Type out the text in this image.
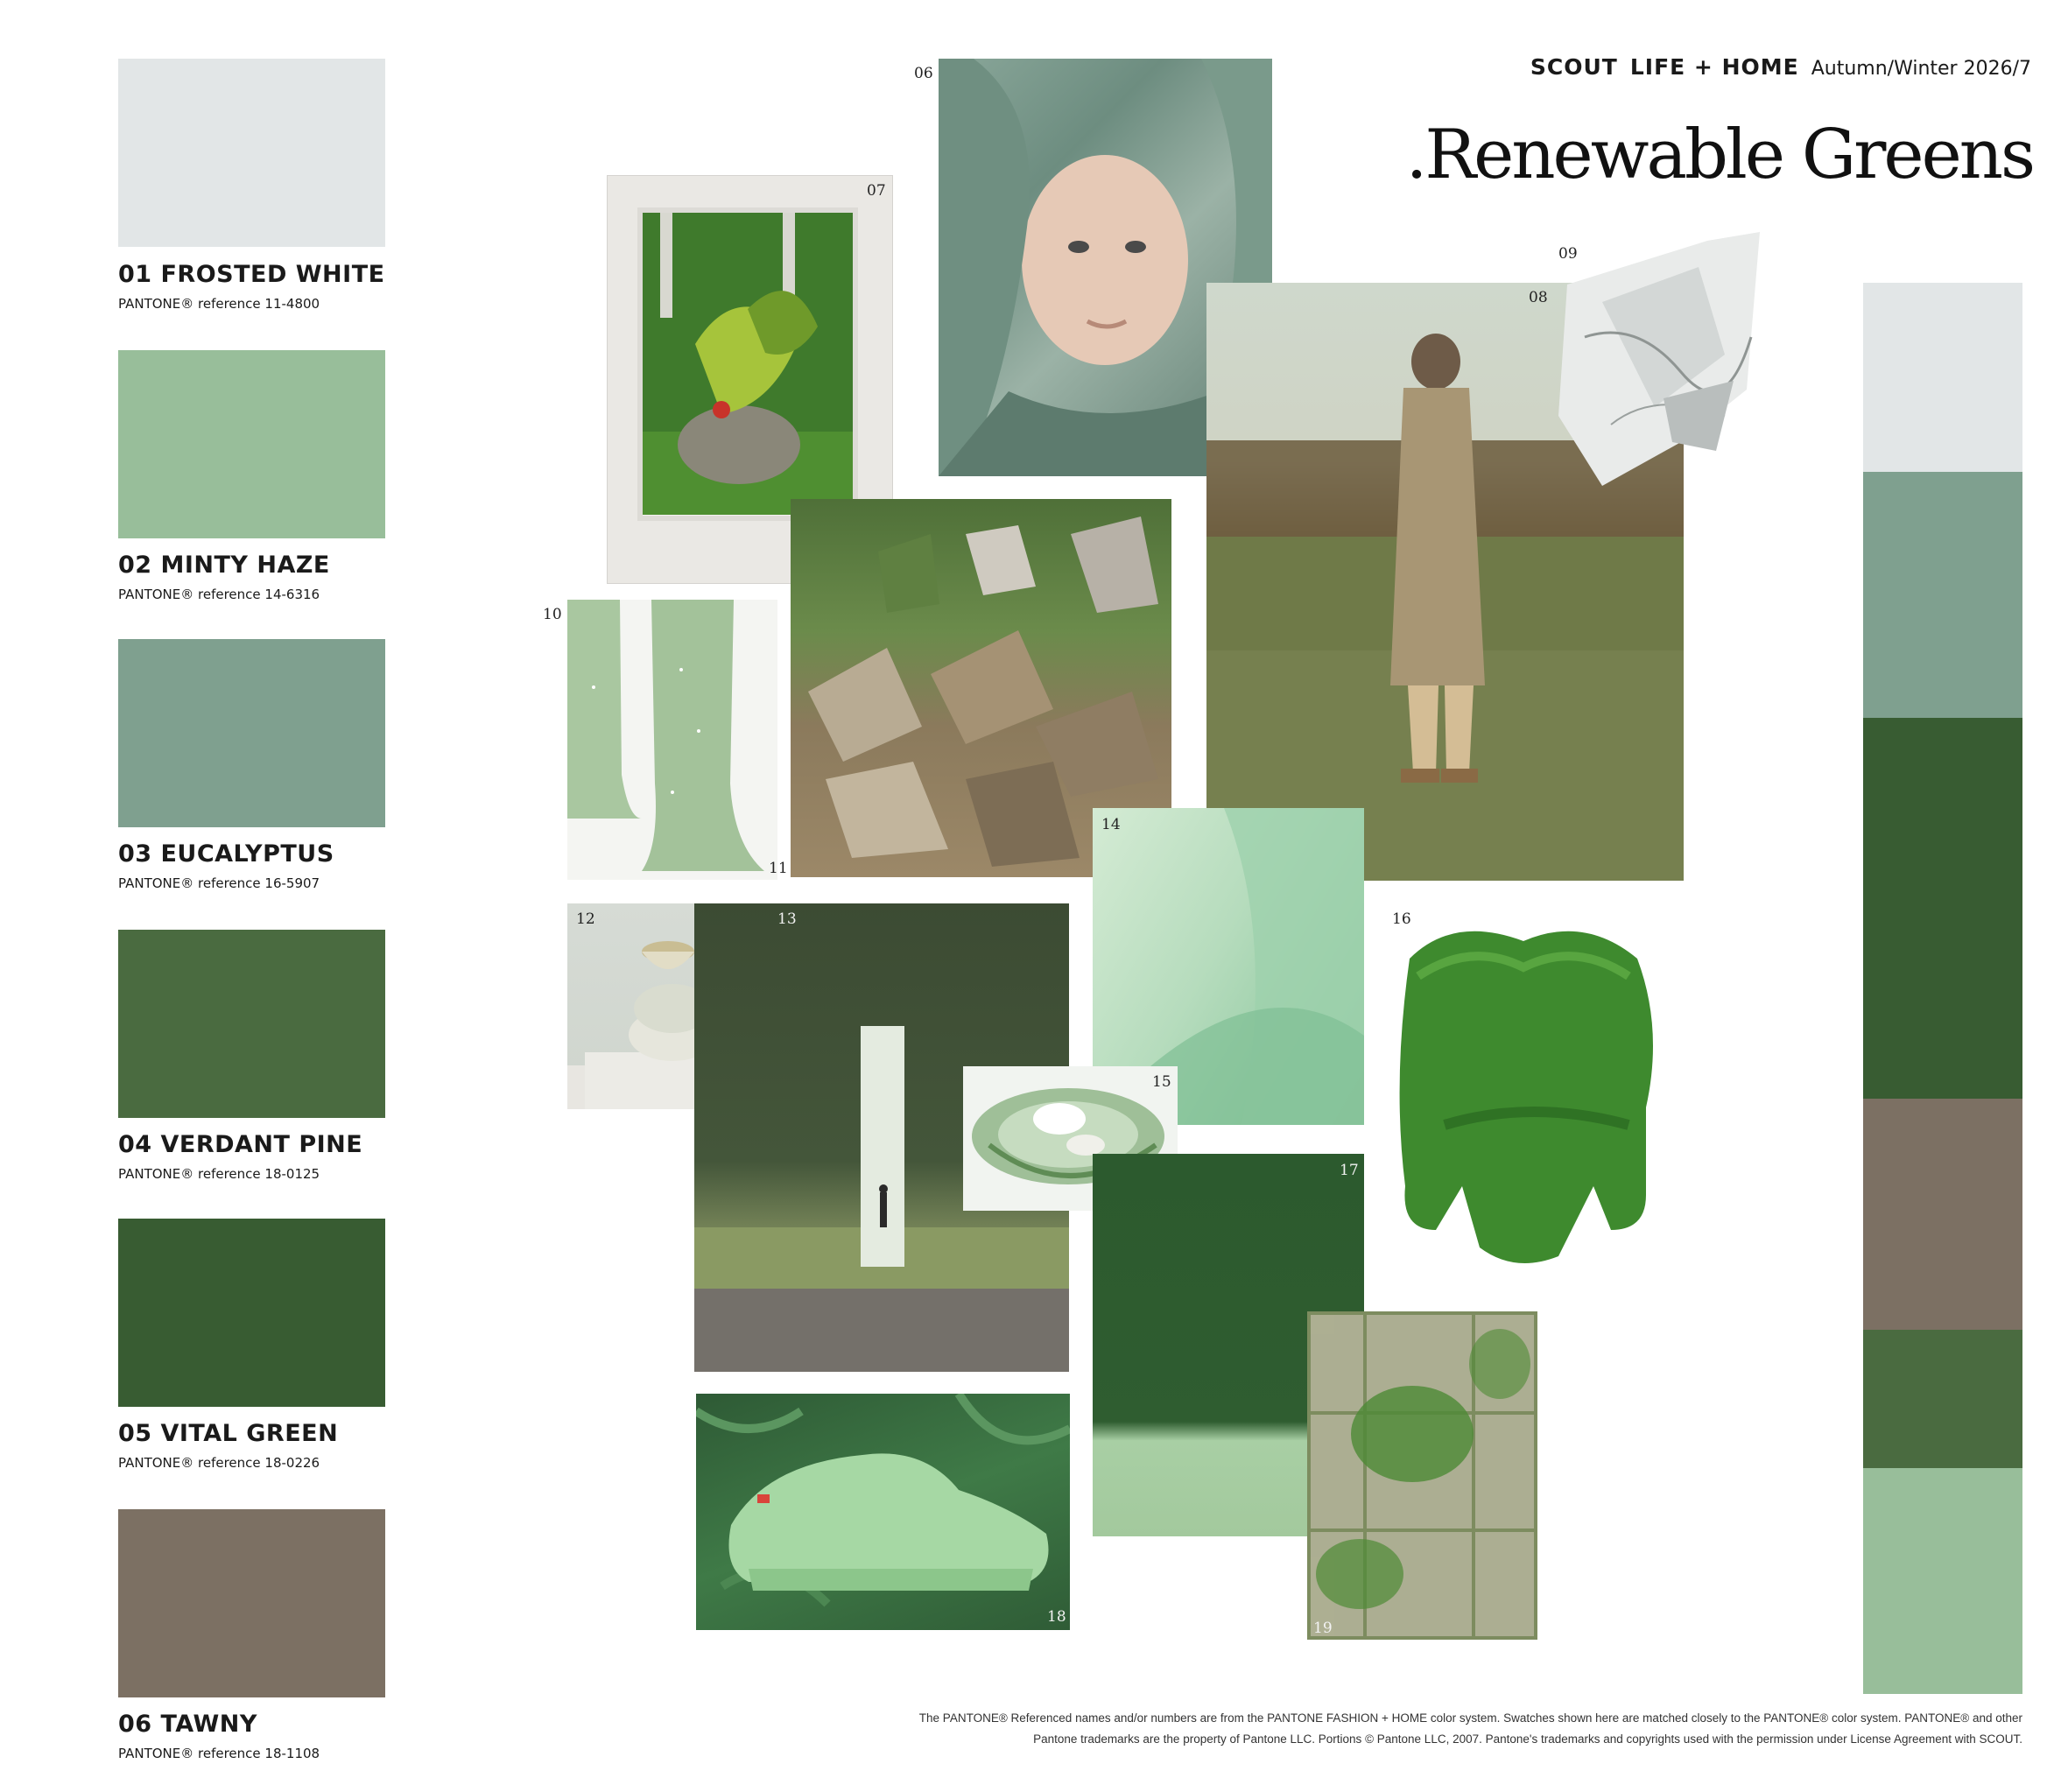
01 FROSTED WHITE
PANTONE® reference 11-4800
02 MINTY HAZE
PANTONE® reference 14-6316
03 EUCALYPTUS
PANTONE® reference 16-5907
04 VERDANT PINE
PANTONE® reference 18-0125
05 VITAL GREEN
PANTONE® reference 18-0226
06 TAWNY
PANTONE® reference 18-1108
SCOUT LIFE + HOME Autumn/Winter 2026/7
.Renewable Greens
06
07
08
09
10
11
12	13
14
15
16
17
18
19
The PANTONE® Referenced names and/or numbers are from the PANTONE FASHION + HOME color system. Swatches shown here are matched closely to the PANTONE® color system. PANTONE® and other
Pantone trademarks are the property of Pantone LLC. Portions © Pantone LLC, 2007. Pantone's trademarks and copyrights used with the permission under License Agreement with SCOUT.
